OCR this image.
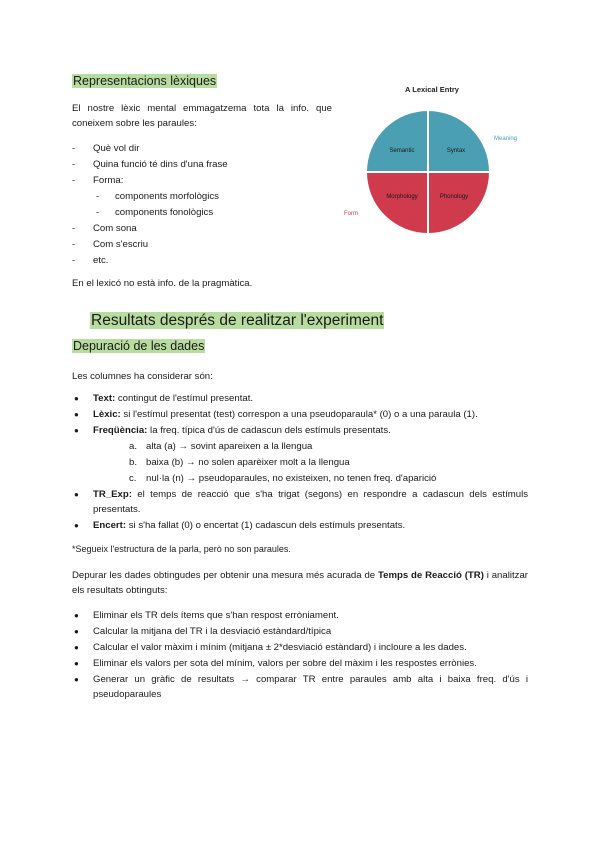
Representacions lèxiques
El nostre lèxic mental emmagatzema tota la info. que coneixem sobre les paraules:
- Què vol dir
- Quina funció té dins d'una frase
- Forma:
- components morfològics
- components fonològics
- Com sona
- Com s'escriu
- etc.
En el lexicó no està info. de la pragmàtica.
A Lexical Entry
Semantic	Syntax
Morphology	Phonology
Meaning
Form
Resultats després de realitzar l'experiment
Depuració de les dades
Les columnes ha considerar són:
● Text: contingut de l'estímul presentat.
● Lèxic: si l'estímul presentat (test) correspon a una pseudoparaula* (0) o a una paraula (1).
● Freqüència: la freq. típica d'ús de cadascun dels estímuls presentats.
a. alta (a) → sovint apareixen a la llengua
b. baixa (b) → no solen aparèixer molt a la llengua
c. nul·la (n) → pseudoparaules, no existeixen, no tenen freq. d'aparició
● TR_Exp: el temps de reacció que s'ha trigat (segons) en respondre a cadascun dels estímuls presentats.
● Encert: si s'ha fallat (0) o encertat (1) cadascun dels estímuls presentats.
*Segueix l'estructura de la parla, però no son paraules.
Depurar les dades obtingudes per obtenir una mesura més acurada de Temps de Reacció (TR) i analitzar els resultats obtinguts:
● Eliminar els TR dels ítems que s'han respost erròniament.
● Calcular la mitjana del TR i la desviació estàndard/típica
● Calcular el valor màxim i mínim (mitjana ± 2*desviació estàndard) i incloure a les dades.
● Eliminar els valors per sota del mínim, valors per sobre del màxim i les respostes errònies.
● Generar un gràfic de resultats → comparar TR entre paraules amb alta i baixa freq. d'ús i pseudoparaules
